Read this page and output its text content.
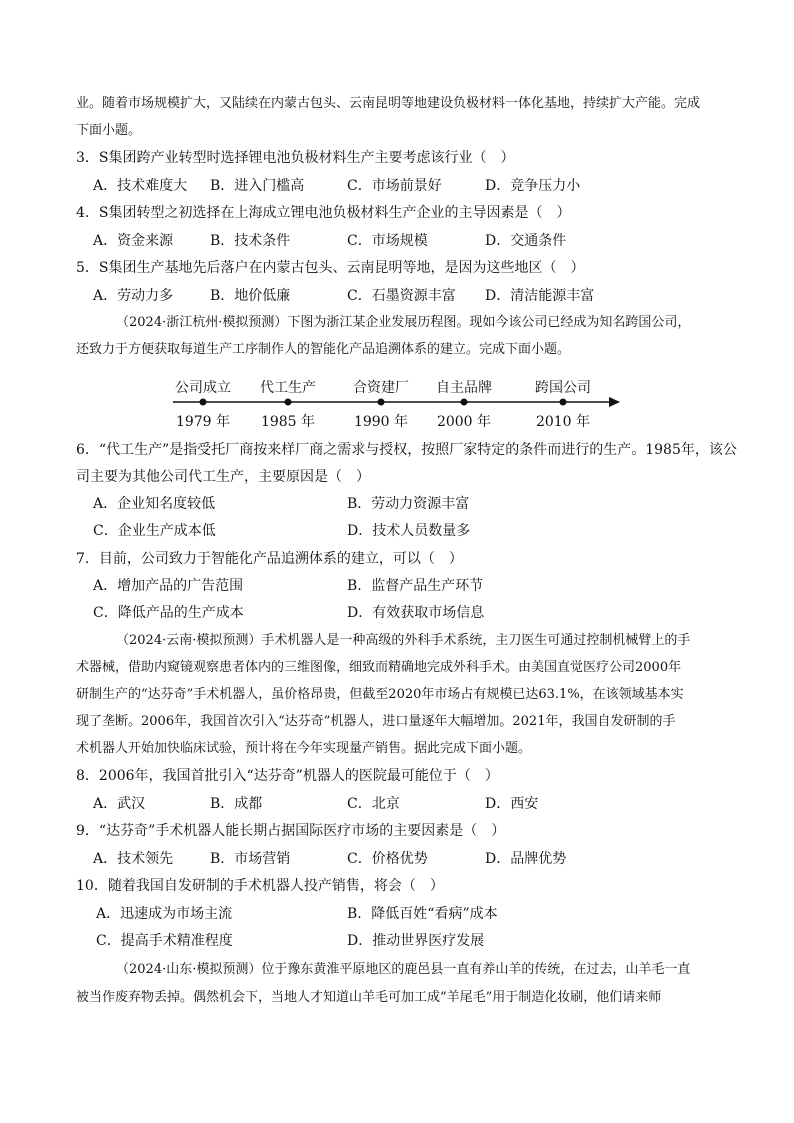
业。随着市场规模扩大，又陆续在内蒙古包头、云南昆明等地建设负极材料一体化基地，持续扩大产能。完成
下面小题。
3．S集团跨产业转型时选择锂电池负极材料生产主要考虑该行业（　）
A．技术难度大 B．进入门槛高	C．市场前景好	D．竞争压力小
4．S集团转型之初选择在上海成立锂电池负极材料生产企业的主导因素是（　）
A．资金来源	B．技术条件	C．市场规模	D．交通条件
5．S集团生产基地先后落户在内蒙古包头、云南昆明等地，是因为这些地区（　）
A．劳动力多	B．地价低廉	C．石墨资源丰富 D．清洁能源丰富
（2024·浙江杭州·模拟预测）下图为浙江某企业发展历程图。现如今该公司已经成为知名跨国公司，
还致力于方便获取每道生产工序制作人的智能化产品追溯体系的建立。完成下面小题。
公司成立
1979 年
代工生产
1985 年
合资建厂
1990 年
自主品牌
2000 年
跨国公司
2010 年
6．“代工生产”是指受托厂商按来样厂商之需求与授权，按照厂家特定的条件而进行的生产。1985年，该公
司主要为其他公司代工生产，主要原因是（　）
A．企业知名度较低	B．劳动力资源丰富
C．企业生产成本低	D．技术人员数量多
7．目前，公司致力于智能化产品追溯体系的建立，可以（　）
A．增加产品的广告范围	B．监督产品生产环节
C．降低产品的生产成本	D．有效获取市场信息
（2024·云南·模拟预测）手术机器人是一种高级的外科手术系统，主刀医生可通过控制机械臂上的手
术器械，借助内窥镜观察患者体内的三维图像，细致而精确地完成外科手术。由美国直觉医疗公司2000年
研制生产的“达芬奇”手术机器人，虽价格昂贵，但截至2020年市场占有规模已达63.1%，在该领域基本实
现了垄断。2006年，我国首次引入“达芬奇”机器人，进口量逐年大幅增加。2021年，我国自发研制的手
术机器人开始加快临床试验，预计将在今年实现量产销售。据此完成下面小题。
8．2006年，我国首批引入“达芬奇”机器人的医院最可能位于（　）
A．武汉	B．成都	C．北京	D．西安
9．“达芬奇”手术机器人能长期占据国际医疗市场的主要因素是（　）
A．技术领先	B．市场营销	C．价格优势	D．品牌优势
10．随着我国自发研制的手术机器人投产销售，将会（　）
A．迅速成为市场主流	B．降低百姓“看病”成本
C．提高手术精准程度	D．推动世界医疗发展
（2024·山东·模拟预测）位于豫东黄淮平原地区的鹿邑县一直有养山羊的传统，在过去，山羊毛一直
被当作废弃物丢掉。偶然机会下，当地人才知道山羊毛可加工成“羊尾毛”用于制造化妆刷，他们请来师
